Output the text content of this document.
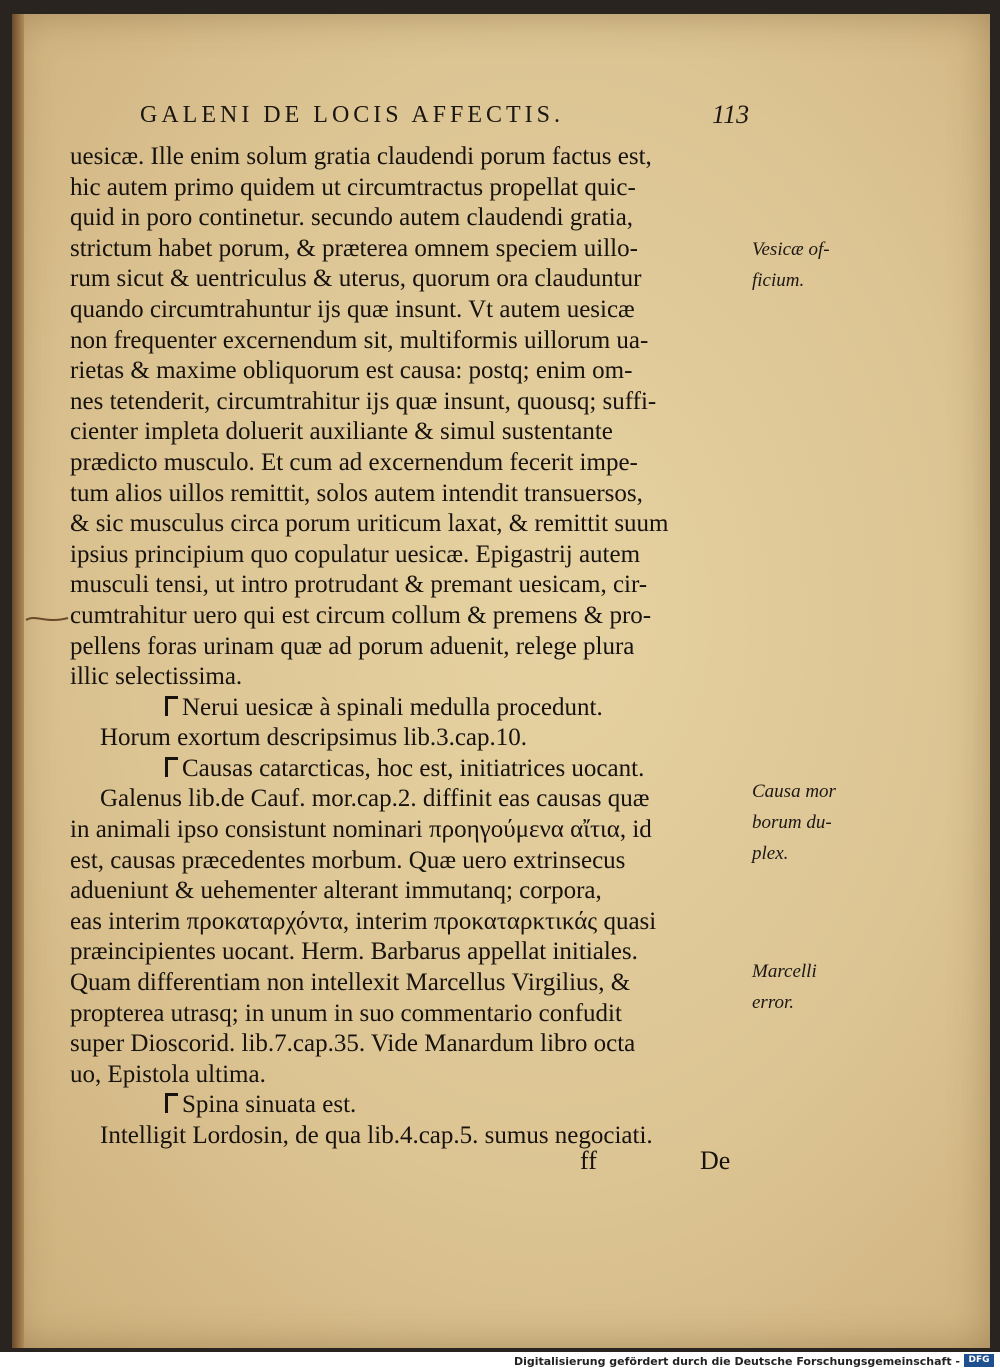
GALENI DE LOCIS AFFECTIS.	113
uesicæ. Ille enim solum gratia claudendi porum factus est,
hic autem primo quidem ut circumtractus propellat quic-
quid in poro continetur. secundo autem claudendi gratia,
strictum habet porum, & præterea omnem speciem uillo-
rum sicut & uentriculus & uterus, quorum ora clauduntur
quando circumtrahuntur ijs quæ insunt. Vt autem uesicæ
non frequenter excernendum sit, multiformis uillorum ua-
rietas & maxime obliquorum est causa: postq; enim om-
nes tetenderit, circumtrahitur ijs quæ insunt, quousq; suffi-
cienter impleta doluerit auxiliante & simul sustentante
prædicto musculo. Et cum ad excernendum fecerit impe-
tum alios uillos remittit, solos autem intendit transuersos,
& sic musculus circa porum uriticum laxat, & remittit suum
ipsius principium quo copulatur uesicæ. Epigastrij autem
musculi tensi, ut intro protrudant & premant uesicam, cir-
cumtrahitur uero qui est circum collum & premens & pro-
pellens foras urinam quæ ad porum aduenit, relege plura
illic selectissima.
Nerui uesicæ à spinali medulla procedunt.
Horum exortum descripsimus lib.3.cap.10.
Causas catarcticas, hoc est, initiatrices uocant.
Galenus lib.de Cauf. mor.cap.2. diffinit eas causas quæ
in animali ipso consistunt nominari προηγούμενα αἴτια, id
est, causas præcedentes morbum. Quæ uero extrinsecus
adueniunt & uehementer alterant immutanq; corpora,
eas interim προκαταρχόντα, interim προκαταρκτικάς quasi
præincipientes uocant. Herm. Barbarus appellat initiales.
Quam differentiam non intellexit Marcellus Virgilius, &
propterea utrasq; in unum in suo commentario confudit
super Dioscorid. lib.7.cap.35. Vide Manardum libro octa
uo, Epistola ultima.
Spina sinuata est.
Intelligit Lordosin, de qua lib.4.cap.5. sumus negociati.
Vesicæ of-
ficium.
Causa mor
borum du-
plex.
Marcelli
error.
ff	De
Digitalisierung gefördert durch die Deutsche Forschungsgemeinschaft - DFG
